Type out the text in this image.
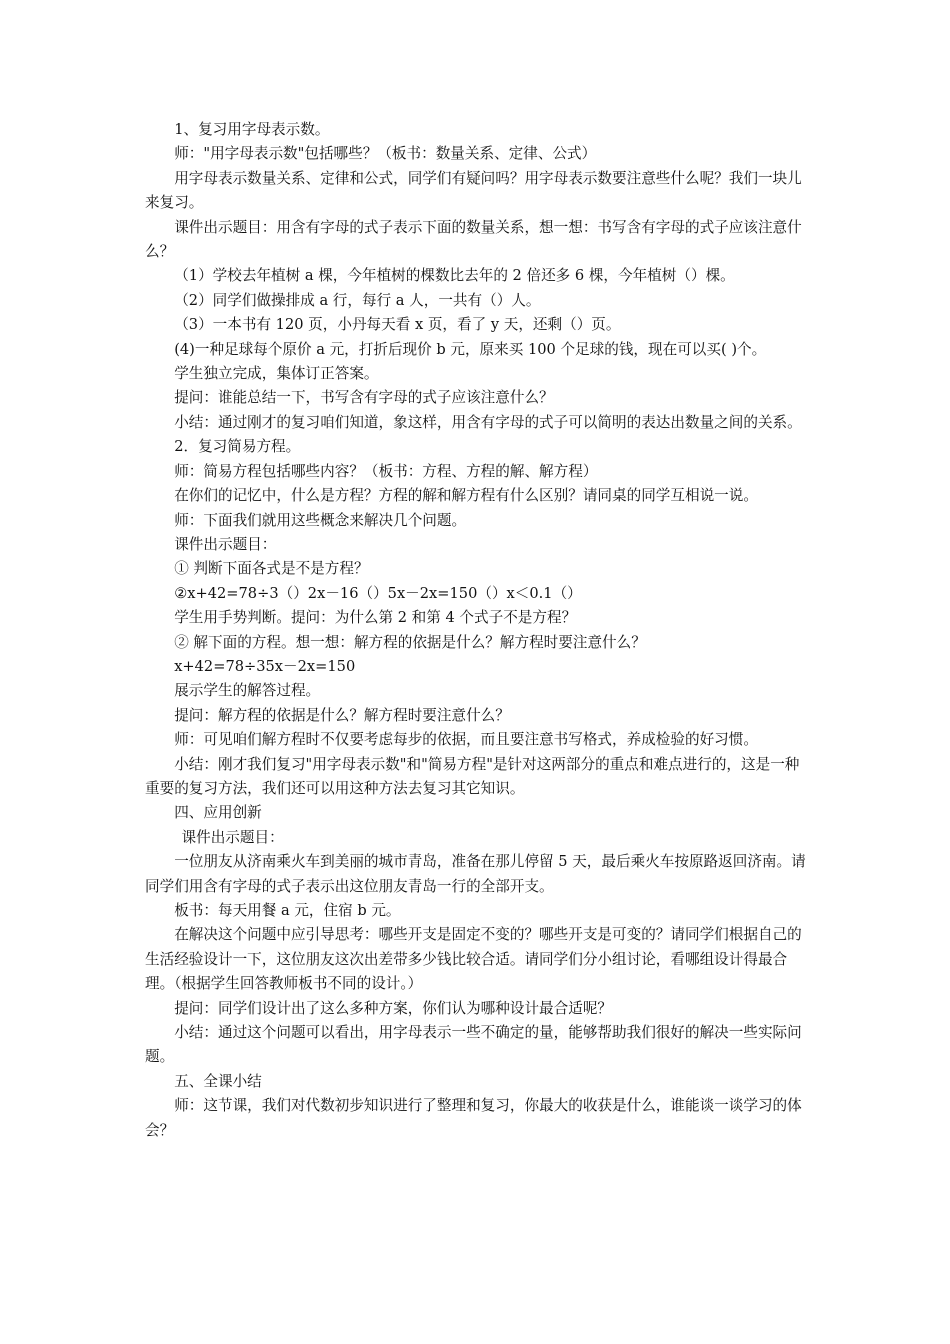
1、复习用字母表示数。

师："用字母表示数"包括哪些？（板书：数量关系、定律、公式）

用字母表示数量关系、定律和公式，同学们有疑问吗？用字母表示数要注意些什么呢？我们一块儿来复习。

课件出示题目：用含有字母的式子表示下面的数量关系，想一想：书写含有字母的式子应该注意什么？

（1）学校去年植树 a 棵，今年植树的棵数比去年的 2 倍还多 6 棵，今年植树（）棵。

（2）同学们做操排成 a 行，每行 a 人，一共有（）人。

（3）一本书有 120 页，小丹每天看 x 页，看了 y 天，还剩（）页。

(4)一种足球每个原价 a 元，打折后现价 b 元，原来买 100 个足球的钱，现在可以买( )个。

学生独立完成，集体订正答案。

提问：谁能总结一下，书写含有字母的式子应该注意什么？

小结：通过刚才的复习咱们知道，象这样，用含有字母的式子可以简明的表达出数量之间的关系。

2．复习简易方程。

师：简易方程包括哪些内容？（板书：方程、方程的解、解方程）

在你们的记忆中，什么是方程？方程的解和解方程有什么区别？请同桌的同学互相说一说。

师：下面我们就用这些概念来解决几个问题。

课件出示题目：

① 判断下面各式是不是方程？

②x+42=78÷3（）2x－16（）5x－2x=150（）x＜0.1（）

学生用手势判断。提问：为什么第 2 和第 4 个式子不是方程？

② 解下面的方程。想一想：解方程的依据是什么？解方程时要注意什么？

x+42=78÷35x－2x=150

展示学生的解答过程。

提问：解方程的依据是什么？解方程时要注意什么？

师：可见咱们解方程时不仅要考虑每步的依据，而且要注意书写格式，养成检验的好习惯。

小结：刚才我们复习"用字母表示数"和"简易方程"是针对这两部分的重点和难点进行的，这是一种重要的复习方法，我们还可以用这种方法去复习其它知识。

四、应用创新

课件出示题目：

一位朋友从济南乘火车到美丽的城市青岛，准备在那儿停留 5 天，最后乘火车按原路返回济南。请同学们用含有字母的式子表示出这位朋友青岛一行的全部开支。

板书：每天用餐 a 元，住宿 b 元。

在解决这个问题中应引导思考：哪些开支是固定不变的？哪些开支是可变的？请同学们根据自己的生活经验设计一下，这位朋友这次出差带多少钱比较合适。请同学们分小组讨论，看哪组设计得最合理。（根据学生回答教师板书不同的设计。）

提问：同学们设计出了这么多种方案，你们认为哪种设计最合适呢？

小结：通过这个问题可以看出，用字母表示一些不确定的量，能够帮助我们很好的解决一些实际问题。

五、全课小结

师：这节课，我们对代数初步知识进行了整理和复习，你最大的收获是什么，谁能谈一谈学习的体会？
